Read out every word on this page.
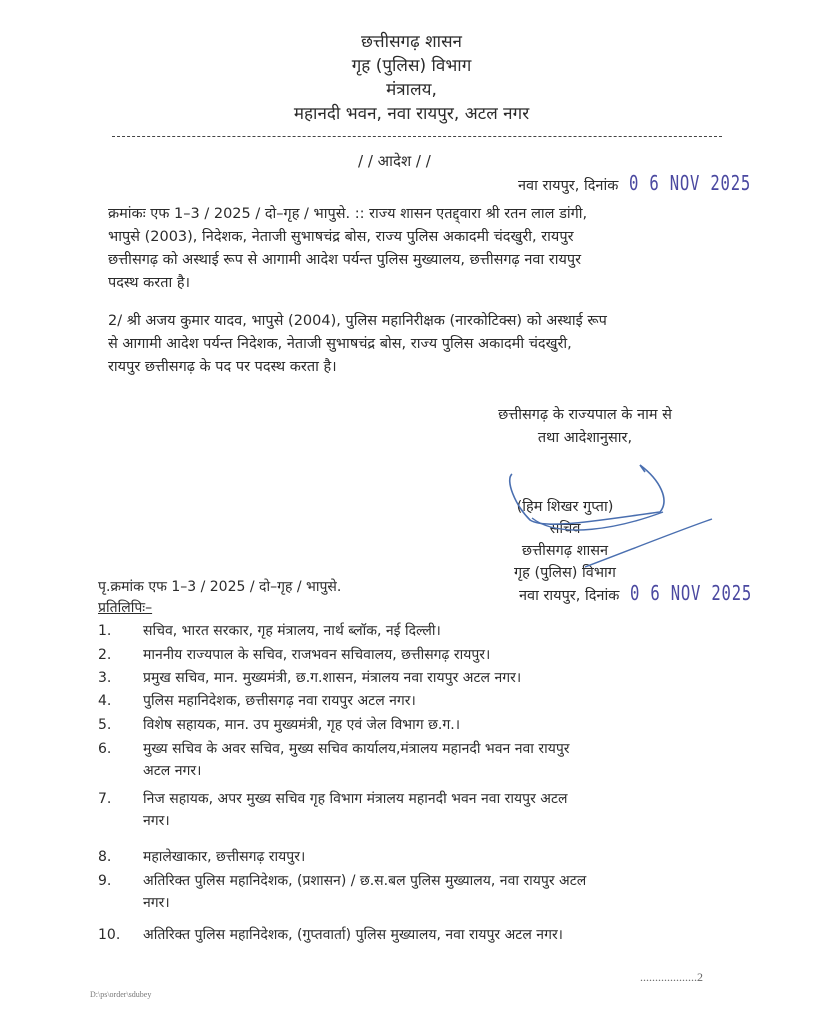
छत्तीसगढ़ शासन
गृह (पुलिस) विभाग
मंत्रालय,
महानदी भवन, नवा रायपुर, अटल नगर
/ / आदेश / /
नवा रायपुर, दिनांक 0 6 NOV 2025
क्रमांकः एफ 1–3 / 2025 / दो–गृह / भापुसे. :: राज्य शासन एतद्द्वारा श्री रतन लाल डांगी,
भापुसे (2003), निदेशक, नेताजी सुभाषचंद्र बोस, राज्य पुलिस अकादमी चंदखुरी, रायपुर
छत्तीसगढ़ को अस्थाई रूप से आगामी आदेश पर्यन्त पुलिस मुख्यालय, छत्तीसगढ़ नवा रायपुर
पदस्थ करता है।
2/ श्री अजय कुमार यादव, भापुसे (2004), पुलिस महानिरीक्षक (नारकोटिक्स) को अस्थाई रूप
से आगामी आदेश पर्यन्त निदेशक, नेताजी सुभाषचंद्र बोस, राज्य पुलिस अकादमी चंदखुरी,
रायपुर छत्तीसगढ़ के पद पर पदस्थ करता है।
छत्तीसगढ़ के राज्यपाल के नाम से
तथा आदेशानुसार,
(हिम शिखर गुप्ता)
सचिव
छत्तीसगढ़ शासन
गृह (पुलिस) विभाग
नवा रायपुर, दिनांक 0 6 NOV 2025
पृ.क्रमांक एफ 1–3 / 2025 / दो–गृह / भापुसे.
प्रतिलिपिः–
1.	सचिव, भारत सरकार, गृह मंत्रालय, नार्थ ब्लॉक, नई दिल्ली।
2.	माननीय राज्यपाल के सचिव, राजभवन सचिवालय, छत्तीसगढ़ रायपुर।
3.	प्रमुख सचिव, मान. मुख्यमंत्री, छ.ग.शासन, मंत्रालय नवा रायपुर अटल नगर।
4.	पुलिस महानिदेशक, छत्तीसगढ़ नवा रायपुर अटल नगर।
5.	विशेष सहायक, मान. उप मुख्यमंत्री, गृह एवं जेल विभाग छ.ग.।
6.	मुख्य सचिव के अवर सचिव, मुख्य सचिव कार्यालय,मंत्रालय महानदी भवन नवा रायपुर
अटल नगर।
7.	निज सहायक, अपर मुख्य सचिव गृह विभाग मंत्रालय महानदी भवन नवा रायपुर अटल
नगर।
8.	महालेखाकार, छत्तीसगढ़ रायपुर।
9.	अतिरिक्त पुलिस महानिदेशक, (प्रशासन) / छ.स.बल पुलिस मुख्यालय, नवा रायपुर अटल
नगर।
10.	अतिरिक्त पुलिस महानिदेशक, (गुप्तवार्ता) पुलिस मुख्यालय, नवा रायपुर अटल नगर।
...................2
D:\ps\order\sdubey
